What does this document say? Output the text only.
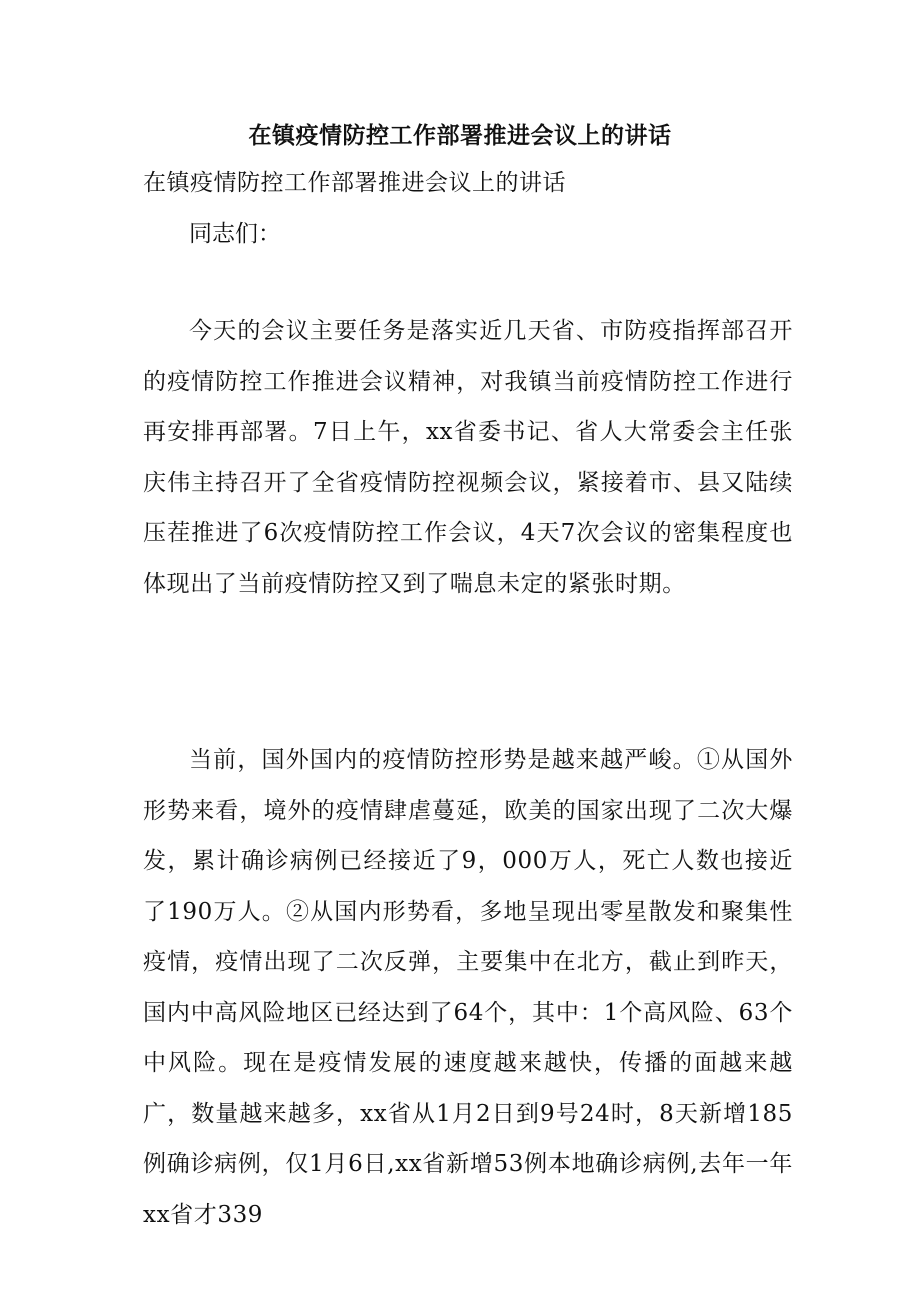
在镇疫情防控工作部署推进会议上的讲话

在镇疫情防控工作部署推进会议上的讲话

同志们：

今天的会议主要任务是落实近几天省、市防疫指挥部召开的疫情防控工作推进会议精神，对我镇当前疫情防控工作进行再安排再部署。7日上午，xx省委书记、省人大常委会主任张庆伟主持召开了全省疫情防控视频会议，紧接着市、县又陆续压茬推进了6次疫情防控工作会议，4天7次会议的密集程度也体现出了当前疫情防控又到了喘息未定的紧张时期。

当前，国外国内的疫情防控形势是越来越严峻。①从国外形势来看，境外的疫情肆虐蔓延，欧美的国家出现了二次大爆发，累计确诊病例已经接近了9，000万人，死亡人数也接近了190万人。②从国内形势看，多地呈现出零星散发和聚集性疫情，疫情出现了二次反弹，主要集中在北方，截止到昨天，国内中高风险地区已经达到了64个，其中：1个高风险、63个中风险。现在是疫情发展的速度越来越快，传播的面越来越广，数量越来越多，xx省从1月2日到9号24时，8天新增185例确诊病例，仅1月6日,xx省新增53例本地确诊病例,去年一年xx省才339
